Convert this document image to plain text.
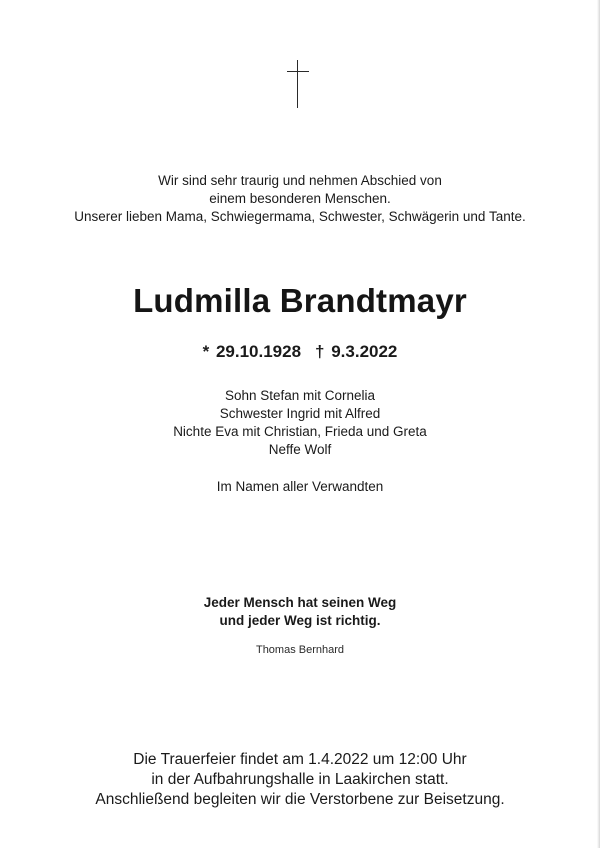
Wir sind sehr traurig und nehmen Abschied von
einem besonderen Menschen.
Unserer lieben Mama, Schwiegermama, Schwester, Schwägerin und Tante.
Ludmilla Brandtmayr
* 29.10.1928 † 9.3.2022
Sohn Stefan mit Cornelia
Schwester Ingrid mit Alfred
Nichte Eva mit Christian, Frieda und Greta
Neffe Wolf
Im Namen aller Verwandten
Jeder Mensch hat seinen Weg
und jeder Weg ist richtig.
Thomas Bernhard
Die Trauerfeier findet am 1.4.2022 um 12:00 Uhr
in der Aufbahrungshalle in Laakirchen statt.
Anschließend begleiten wir die Verstorbene zur Beisetzung.
